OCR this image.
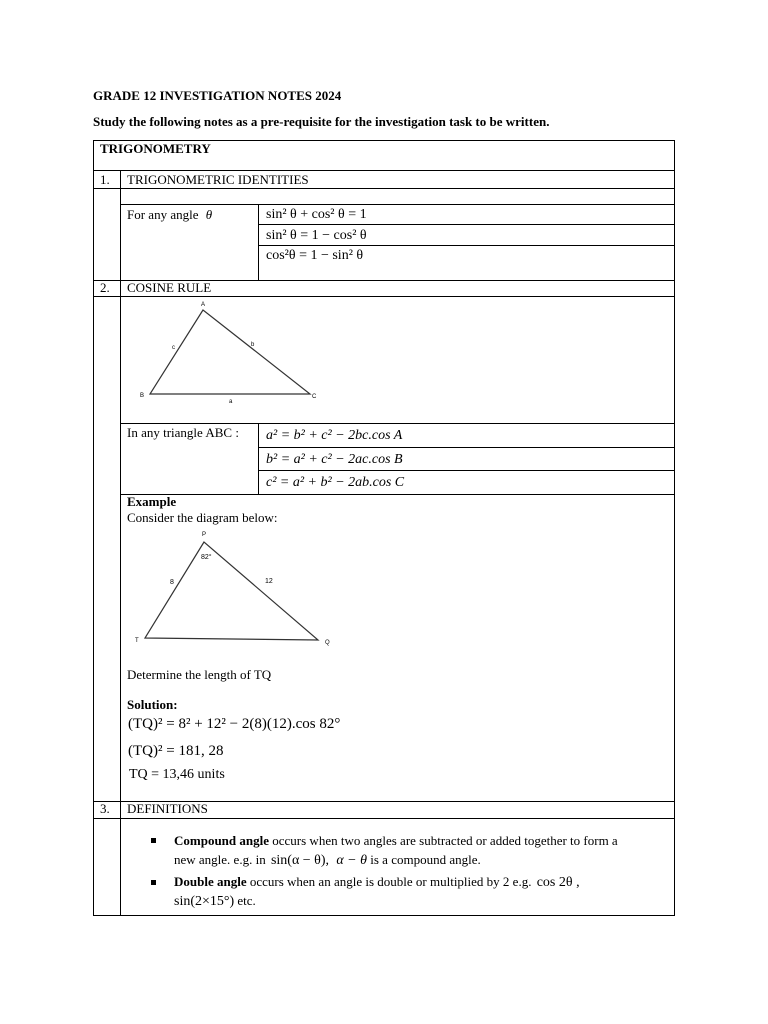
GRADE 12 INVESTIGATION NOTES 2024
Study the following notes as a pre-requisite for the investigation task to be written.
TRIGONOMETRY
1. TRIGONOMETRIC IDENTITIES
For any angle θ	sin² θ + cos² θ = 1
sin² θ = 1 − cos² θ
cos²θ = 1 − sin² θ
2. COSINE RULE
A
B	C
a
b
c
In any triangle ABC : a² = b² + c² − 2bc.cos A
b² = a² + c² − 2ac.cos B
c² = a² + b² − 2ab.cos C
Example
Consider the diagram below:
P
T	Q
82°
8	12
Determine the length of TQ
Solution:
(TQ)² = 8² + 12² − 2(8)(12).cos 82°
(TQ)² = 181, 28
TQ = 13,46 units
3. DEFINITIONS
Compound angle occurs when two angles are subtracted or added together to form a
new angle. e.g. in sin(α − θ), α − θ is a compound angle.
Double angle occurs when an angle is double or multiplied by 2 e.g. cos 2θ ,
sin(2×15°) etc.
